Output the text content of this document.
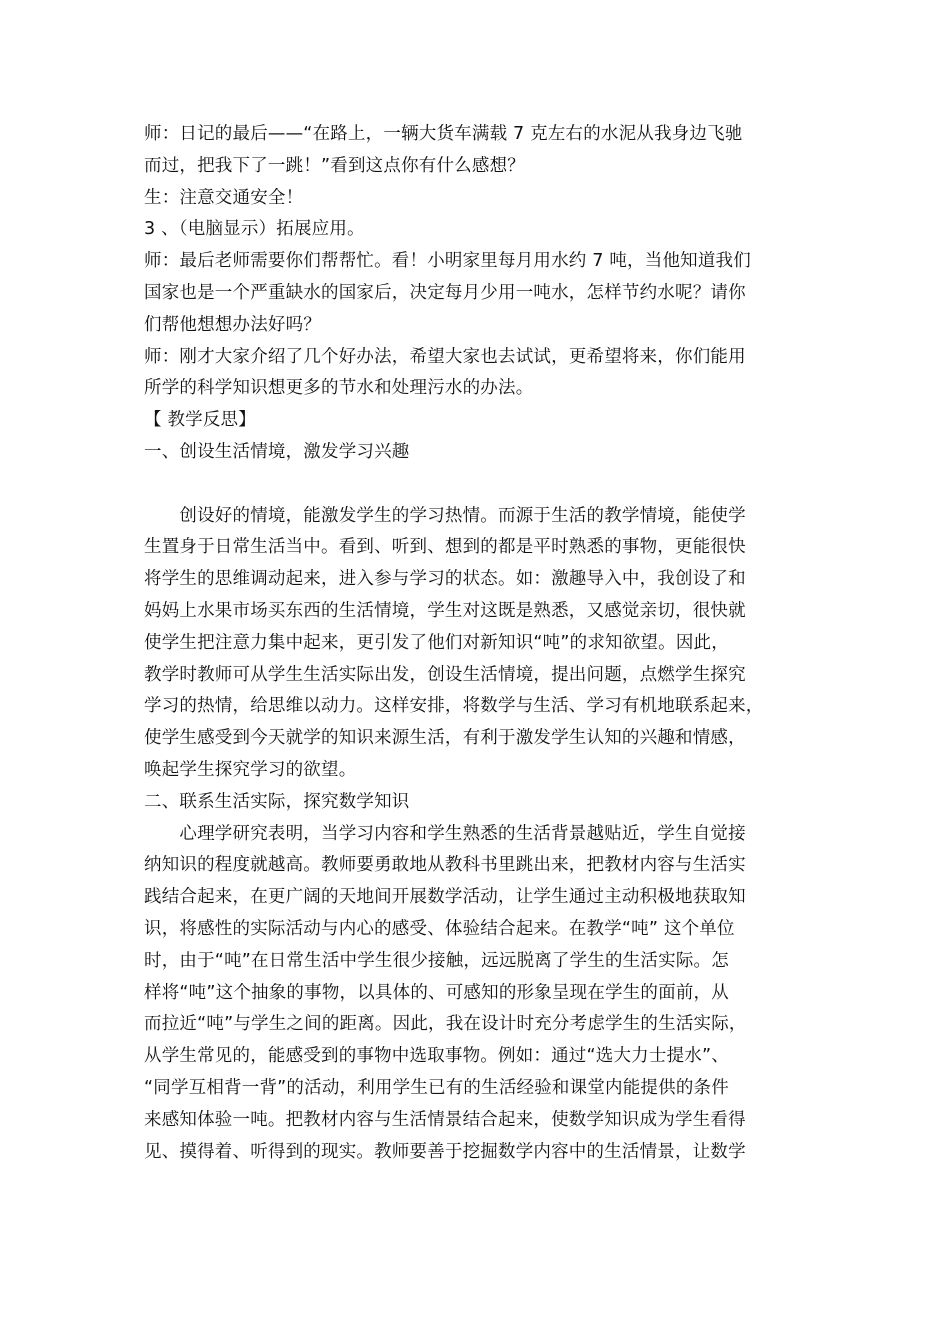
师：日记的最后——“在路上，一辆大货车满载 7 克左右的水泥从我身边飞驰
而过，把我下了一跳！”看到这点你有什么感想？
生：注意交通安全！
3 、（电脑显示）拓展应用。
师：最后老师需要你们帮帮忙。看！小明家里每月用水约 7 吨，当他知道我们
国家也是一个严重缺水的国家后，决定每月少用一吨水，怎样节约水呢？请你
们帮他想想办法好吗？
师：刚才大家介绍了几个好办法，希望大家也去试试，更希望将来，你们能用
所学的科学知识想更多的节水和处理污水的办法。
【 教学反思】
一、创设生活情境，激发学习兴趣
　　创设好的情境，能激发学生的学习热情。而源于生活的教学情境，能使学
生置身于日常生活当中。看到、听到、想到的都是平时熟悉的事物，更能很快
将学生的思维调动起来，进入参与学习的状态。如：激趣导入中，我创设了和
妈妈上水果市场买东西的生活情境，学生对这既是熟悉，又感觉亲切，很快就
使学生把注意力集中起来，更引发了他们对新知识“吨”的求知欲望。因此，
教学时教师可从学生生活实际出发，创设生活情境，提出问题，点燃学生探究
学习的热情，给思维以动力。这样安排，将数学与生活、学习有机地联系起来，
使学生感受到今天就学的知识来源生活，有利于激发学生认知的兴趣和情感，
唤起学生探究学习的欲望。
二、联系生活实际，探究数学知识
　　心理学研究表明，当学习内容和学生熟悉的生活背景越贴近，学生自觉接
纳知识的程度就越高。教师要勇敢地从教科书里跳出来，把教材内容与生活实
践结合起来，在更广阔的天地间开展数学活动，让学生通过主动积极地获取知
识，将感性的实际活动与内心的感受、体验结合起来。在教学“吨” 这个单位
时，由于“吨”在日常生活中学生很少接触，远远脱离了学生的生活实际。怎
样将“吨”这个抽象的事物，以具体的、可感知的形象呈现在学生的面前，从
而拉近“吨”与学生之间的距离。因此，我在设计时充分考虑学生的生活实际，
从学生常见的，能感受到的事物中选取事物。例如：通过“选大力士提水”、
“同学互相背一背”的活动，利用学生已有的生活经验和课堂内能提供的条件
来感知体验一吨。把教材内容与生活情景结合起来，使数学知识成为学生看得
见、摸得着、听得到的现实。教师要善于挖掘数学内容中的生活情景，让数学
